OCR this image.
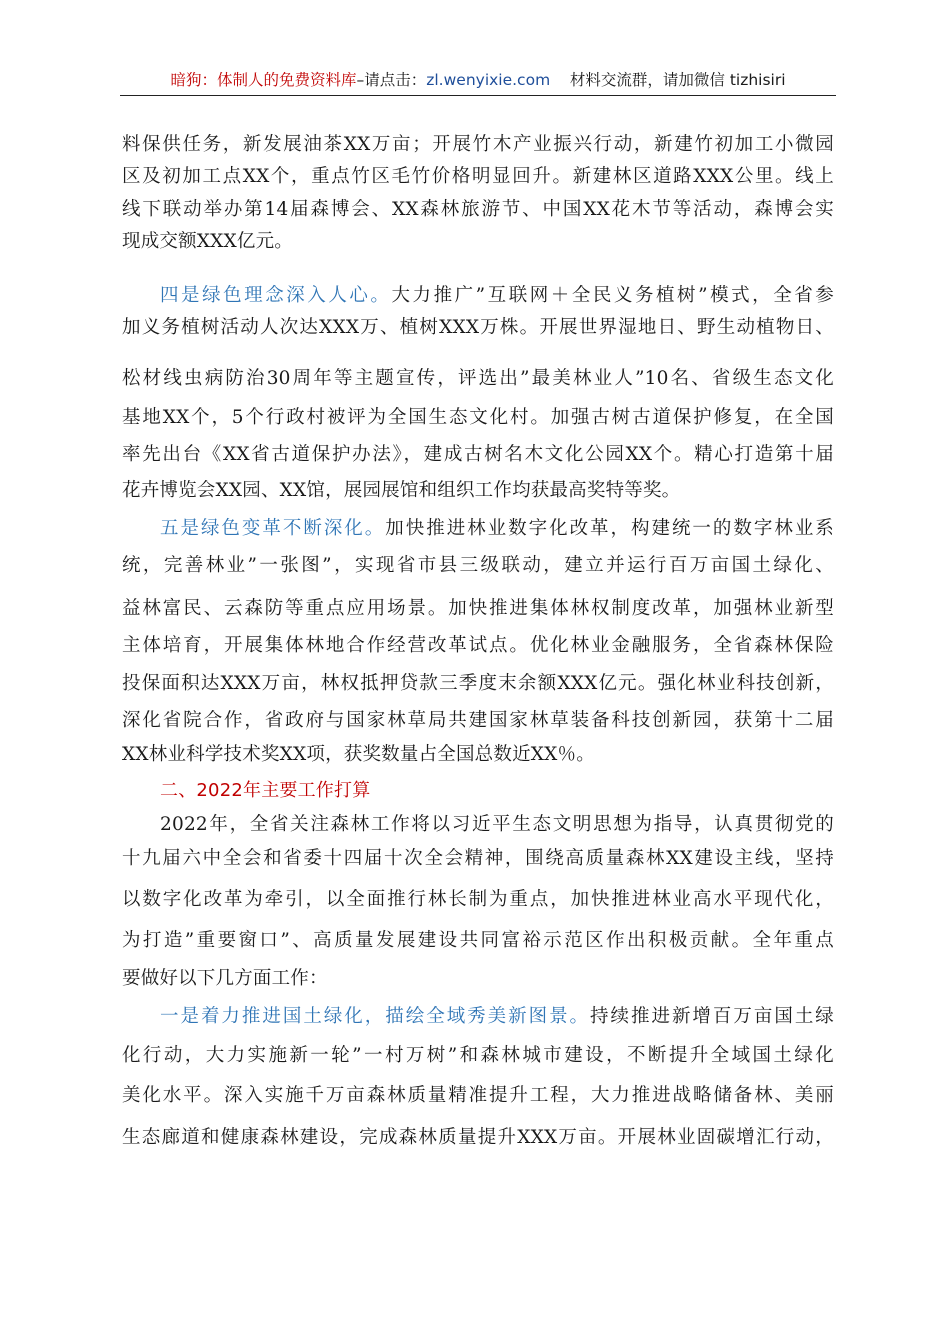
暗狗：体制人的免费资料库–请点击：zl.wenyixie.com 材料交流群，请加微信 tizhisiri
料保供任务，新发展油茶XX万亩；开展竹木产业振兴行动，新建竹初加工小微园
区及初加工点XX个，重点竹区毛竹价格明显回升。新建林区道路XXX公里。线上
线下联动举办第14届森博会、XX森林旅游节、中国XX花木节等活动，森博会实
现成交额XXX亿元。
四是绿色理念深入人心。大力推广”互联网＋全民义务植树”模式，全省参
加义务植树活动人次达XXX万、植树XXX万株。开展世界湿地日、野生动植物日、
松材线虫病防治30周年等主题宣传，评选出”最美林业人”10名、省级生态文化
基地XX个，5个行政村被评为全国生态文化村。加强古树古道保护修复，在全国
率先出台《XX省古道保护办法》，建成古树名木文化公园XX个。精心打造第十届
花卉博览会XX园、XX馆，展园展馆和组织工作均获最高奖特等奖。
五是绿色变革不断深化。加快推进林业数字化改革，构建统一的数字林业系
统，完善林业”一张图”，实现省市县三级联动，建立并运行百万亩国土绿化、
益林富民、云森防等重点应用场景。加快推进集体林权制度改革，加强林业新型
主体培育，开展集体林地合作经营改革试点。优化林业金融服务，全省森林保险
投保面积达XXX万亩，林权抵押贷款三季度末余额XXX亿元。强化林业科技创新，
深化省院合作，省政府与国家林草局共建国家林草装备科技创新园，获第十二届
XX林业科学技术奖XX项，获奖数量占全国总数近XX％。
二、2022年主要工作打算
2022年，全省关注森林工作将以习近平生态文明思想为指导，认真贯彻党的
十九届六中全会和省委十四届十次全会精神，围绕高质量森林XX建设主线，坚持
以数字化改革为牵引，以全面推行林长制为重点，加快推进林业高水平现代化，
为打造”重要窗口”、高质量发展建设共同富裕示范区作出积极贡献。全年重点
要做好以下几方面工作：
一是着力推进国土绿化，描绘全域秀美新图景。持续推进新增百万亩国土绿
化行动，大力实施新一轮”一村万树”和森林城市建设，不断提升全域国土绿化
美化水平。深入实施千万亩森林质量精准提升工程，大力推进战略储备林、美丽
生态廊道和健康森林建设，完成森林质量提升XXX万亩。开展林业固碳增汇行动，
